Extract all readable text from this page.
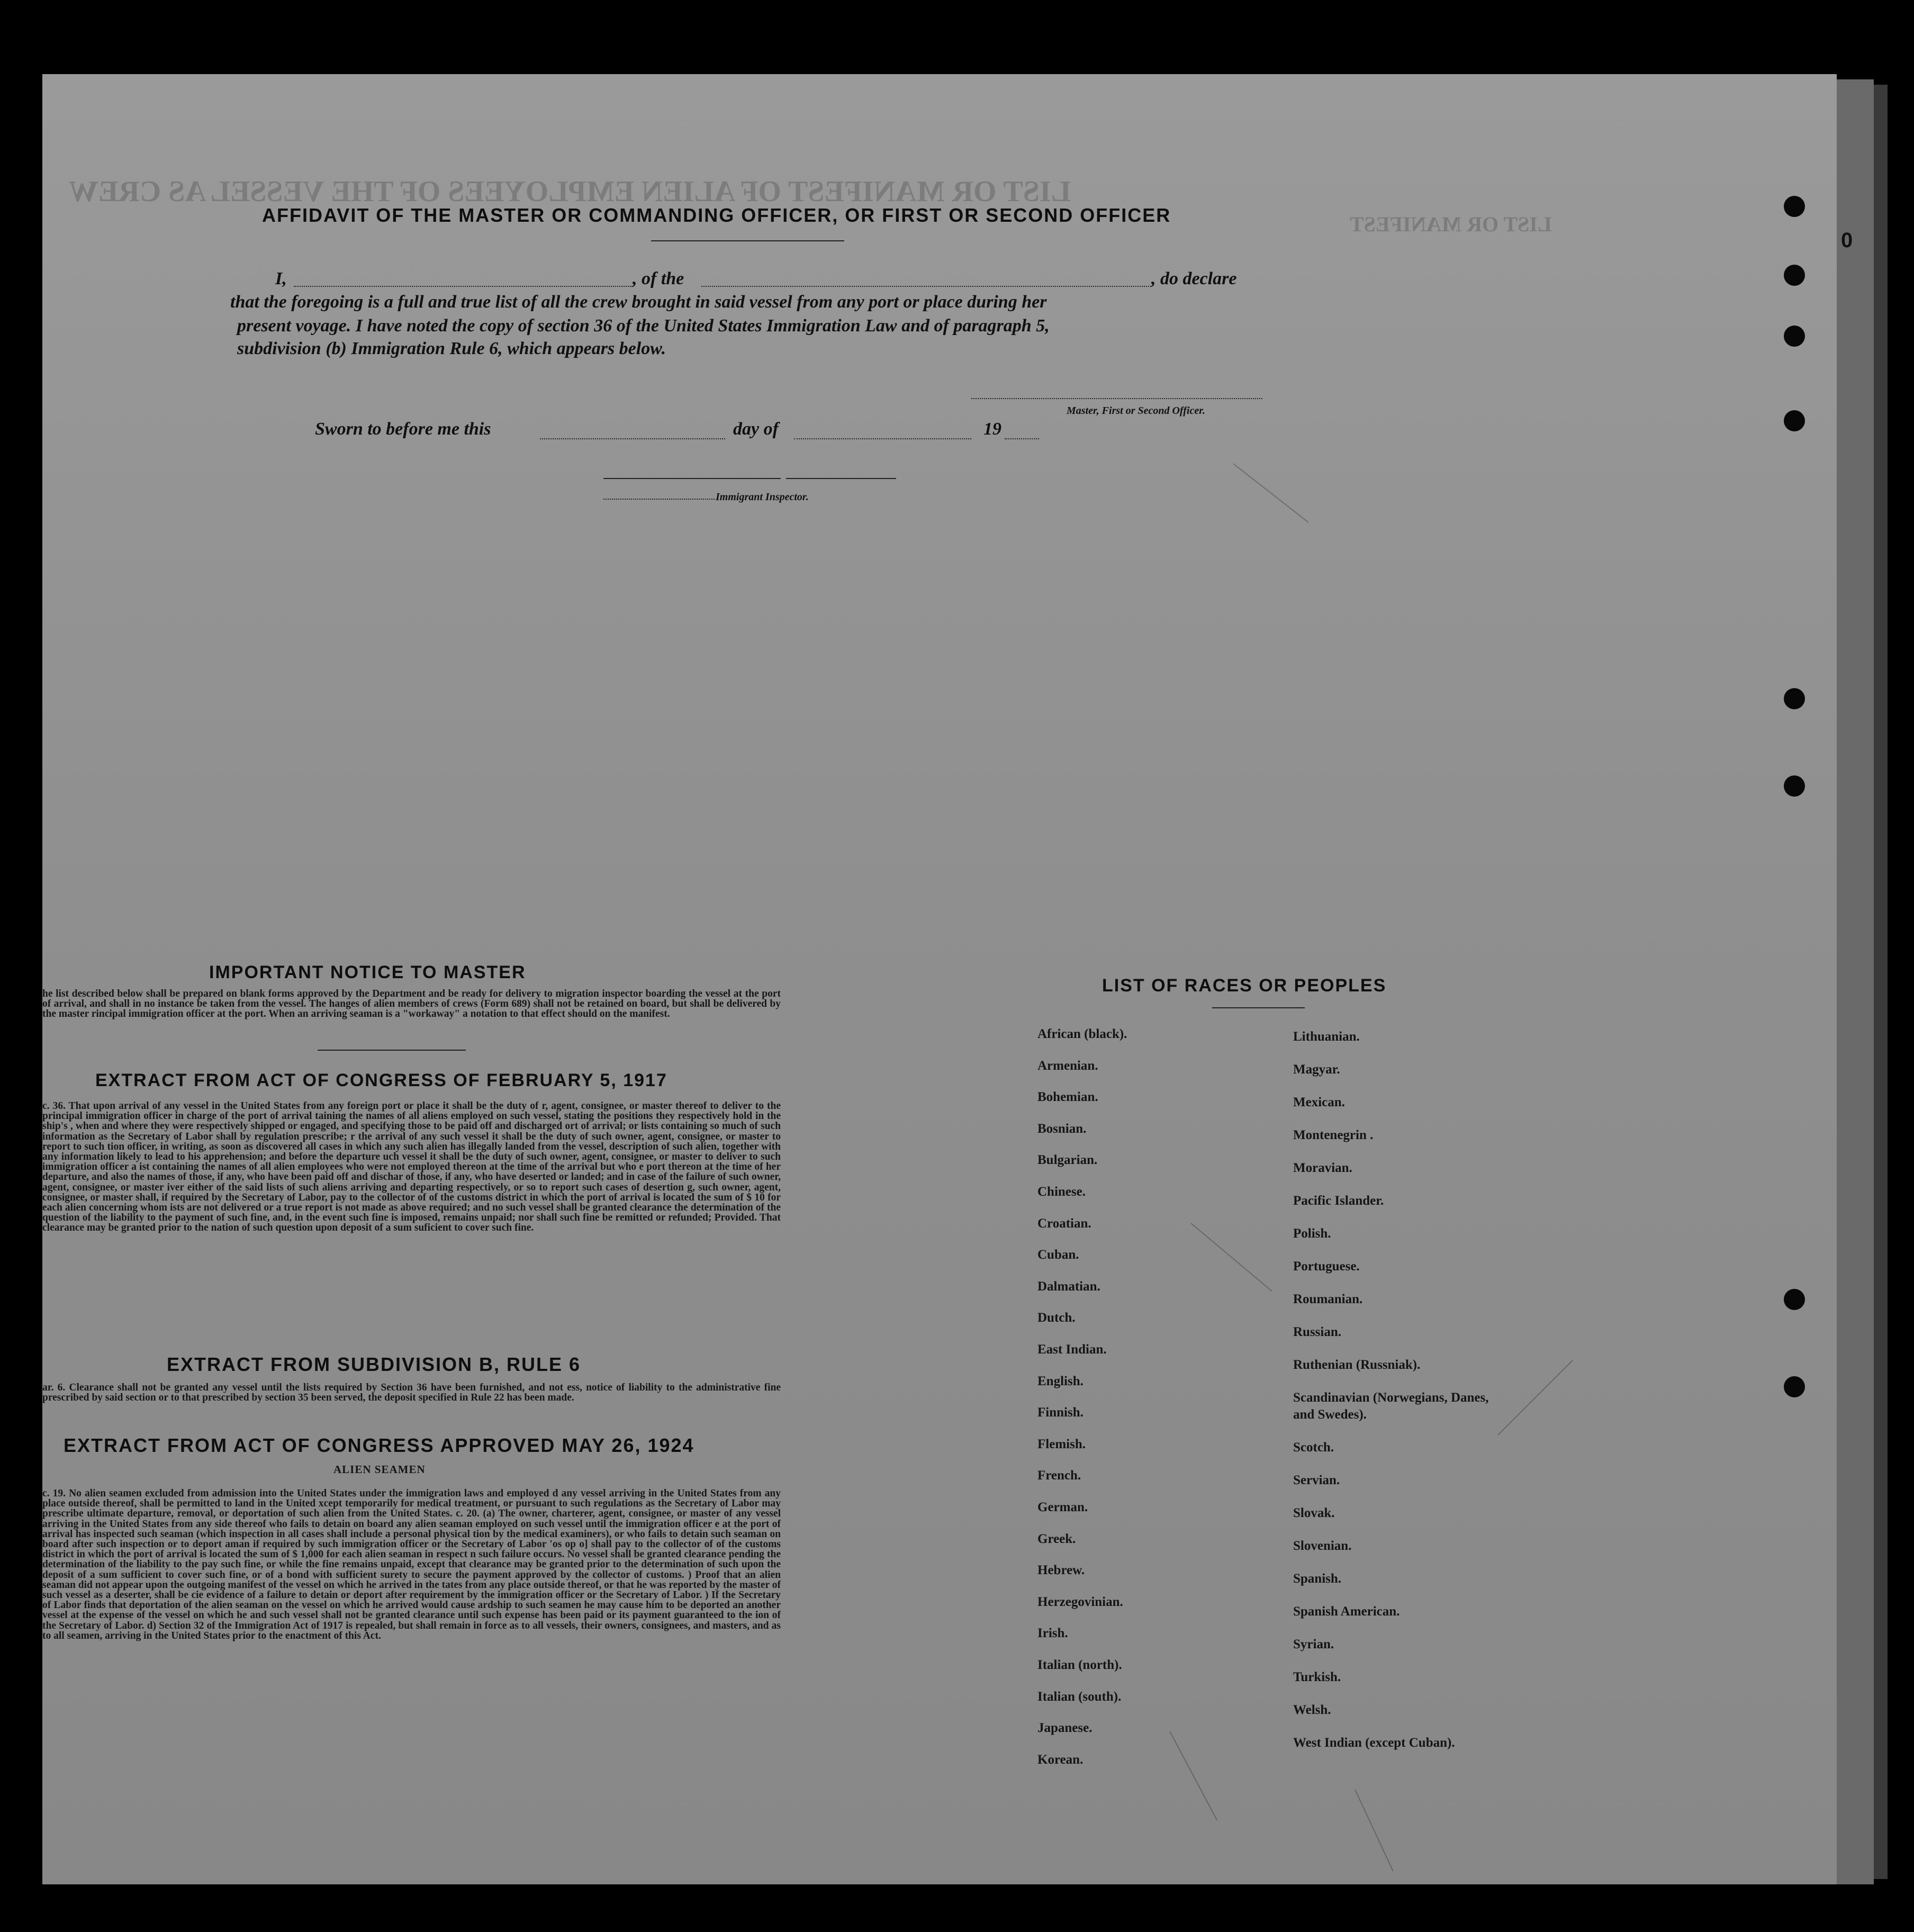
LIST OR MANIFEST OF ALIEN EMPLOYEES OF THE VESSEL AS CREW
LIST OR MANIFEST
0
AFFIDAVIT OF THE MASTER OR COMMANDING OFFICER, OR FIRST OR SECOND OFFICER
I,	, of the	, do declare
that the foregoing is a full and true list of all the crew brought in said vessel from any port or place during her
present voyage. I have noted the copy of section 36 of the United States Immigration Law and of paragraph 5,
subdivision (b) Immigration Rule 6, which appears below.
Master, First or Second Officer.
Sworn to before me this	day of	19
Immigrant Inspector.
IMPORTANT NOTICE TO MASTER
he list described below shall be prepared on blank forms approved by the Department and be ready for delivery to migration inspector boarding the vessel at the port of arrival, and shall in no instance be taken from the vessel. The hanges of alien members of crews (Form 689) shall not be retained on board, but shall be delivered by the master rincipal immigration officer at the port. When an arriving seaman is a "workaway" a notation to that effect should on the manifest.
EXTRACT FROM ACT OF CONGRESS OF FEBRUARY 5, 1917
c. 36. That upon arrival of any vessel in the United States from any foreign port or place it shall be the duty of r, agent, consignee, or master thereof to deliver to the principal immigration officer in charge of the port of arrival taining the names of all aliens employed on such vessel, stating the positions they respectively hold in the ship's , when and where they were respectively shipped or engaged, and specifying those to be paid off and discharged ort of arrival; or lists containing so much of such information as the Secretary of Labor shall by regulation prescribe; r the arrival of any such vessel it shall be the duty of such owner, agent, consignee, or master to report to such tion officer, in writing, as soon as discovered all cases in which any such alien has illegally landed from the vessel, description of such alien, together with any information likely to lead to his apprehension; and before the departure uch vessel it shall be the duty of such owner, agent, consignee, or master to deliver to such immigration officer a ist containing the names of all alien employees who were not employed thereon at the time of the arrival but who e port thereon at the time of her departure, and also the names of those, if any, who have been paid off and dischar of those, if any, who have deserted or landed; and in case of the failure of such owner, agent, consignee, or master iver either of the said lists of such aliens arriving and departing respectively, or so to report such cases of desertion g, such owner, agent, consignee, or master shall, if required by the Secretary of Labor, pay to the collector of of the customs district in which the port of arrival is located the sum of $ 10 for each alien concerning whom ists are not delivered or a true report is not made as above required; and no such vessel shall be granted clearance the determination of the question of the liability to the payment of such fine, and, in the event such fine is imposed, remains unpaid; nor shall such fine be remitted or refunded; Provided. That clearance may be granted prior to the nation of such question upon deposit of a sum suficient to cover such fine.
EXTRACT FROM SUBDIVISION B, RULE 6
ar. 6. Clearance shall not be granted any vessel until the lists required by Section 36 have been furnished, and not ess, notice of liability to the administrative fine prescribed by said section or to that prescribed by section 35 been served, the deposit specified in Rule 22 has been made.
EXTRACT FROM ACT OF CONGRESS APPROVED MAY 26, 1924
ALIEN SEAMEN
c. 19. No alien seamen excluded from admission into the United States under the immigration laws and employed d any vessel arriving in the United States from any place outside thereof, shall be permitted to land in the United xcept temporarily for medical treatment, or pursuant to such regulations as the Secretary of Labor may prescribe ultimate departure, removal, or deportation of such alien from the United States. c. 20. (a) The owner, charterer, agent, consignee, or master of any vessel arriving in the United States from any side thereof who fails to detain on board any alien seaman employed on such vessel until the immigration officer e at the port of arrival has inspected such seaman (which inspection in all cases shall include a personal physical tion by the medical examiners), or who fails to detain such seaman on board after such inspection or to deport aman if required by such immigration officer or the Secretary of Labor 'os op o] shall pay to the collector of of the customs district in which the port of arrival is located the sum of $ 1,000 for each alien seaman in respect n such failure occurs. No vessel shall be granted clearance pending the determination of the liability to the pay such fine, or while the fine remains unpaid, except that clearance may be granted prior to the determination of such upon the deposit of a sum sufficient to cover such fine, or of a bond with sufficient surety to secure the payment approved by the collector of customs. ) Proof that an alien seaman did not appear upon the outgoing manifest of the vessel on which he arrived in the tates from any place outside thereof, or that he was reported by the master of such vessel as a deserter, shall be cie evidence of a failure to detain or deport after requirement by the immigration officer or the Secretary of Labor. ) If the Secretary of Labor finds that deportation of the alien seaman on the vessel on which he arrived would cause ardship to such seamen he may cause him to be deported an another vessel at the expense of the vessel on which he and such vessel shall not be granted clearance until such expense has been paid or its payment guaranteed to the ion of the Secretary of Labor. d) Section 32 of the Immigration Act of 1917 is repealed, but shall remain in force as to all vessels, their owners, consignees, and masters, and as to all seamen, arriving in the United States prior to the enactment of this Act.
LIST OF RACES OR PEOPLES
African (black).
Armenian.
Bohemian.
Bosnian.
Bulgarian.
Chinese.
Croatian.
Cuban.
Dalmatian.
Dutch.
East Indian.
English.
Finnish.
Flemish.
French.
German.
Greek.
Hebrew.
Herzegovinian.
Irish.
Italian (north).
Italian (south).
Japanese.
Korean.
Lithuanian.
Magyar.
Mexican.
Montenegrin .
Moravian.
Pacific Islander.
Polish.
Portuguese.
Roumanian.
Russian.
Ruthenian (Russniak).
Scandinavian (Norwegians, Danes, and Swedes).
Scotch.
Servian.
Slovak.
Slovenian.
Spanish.
Spanish American.
Syrian.
Turkish.
Welsh.
West Indian (except Cuban).
